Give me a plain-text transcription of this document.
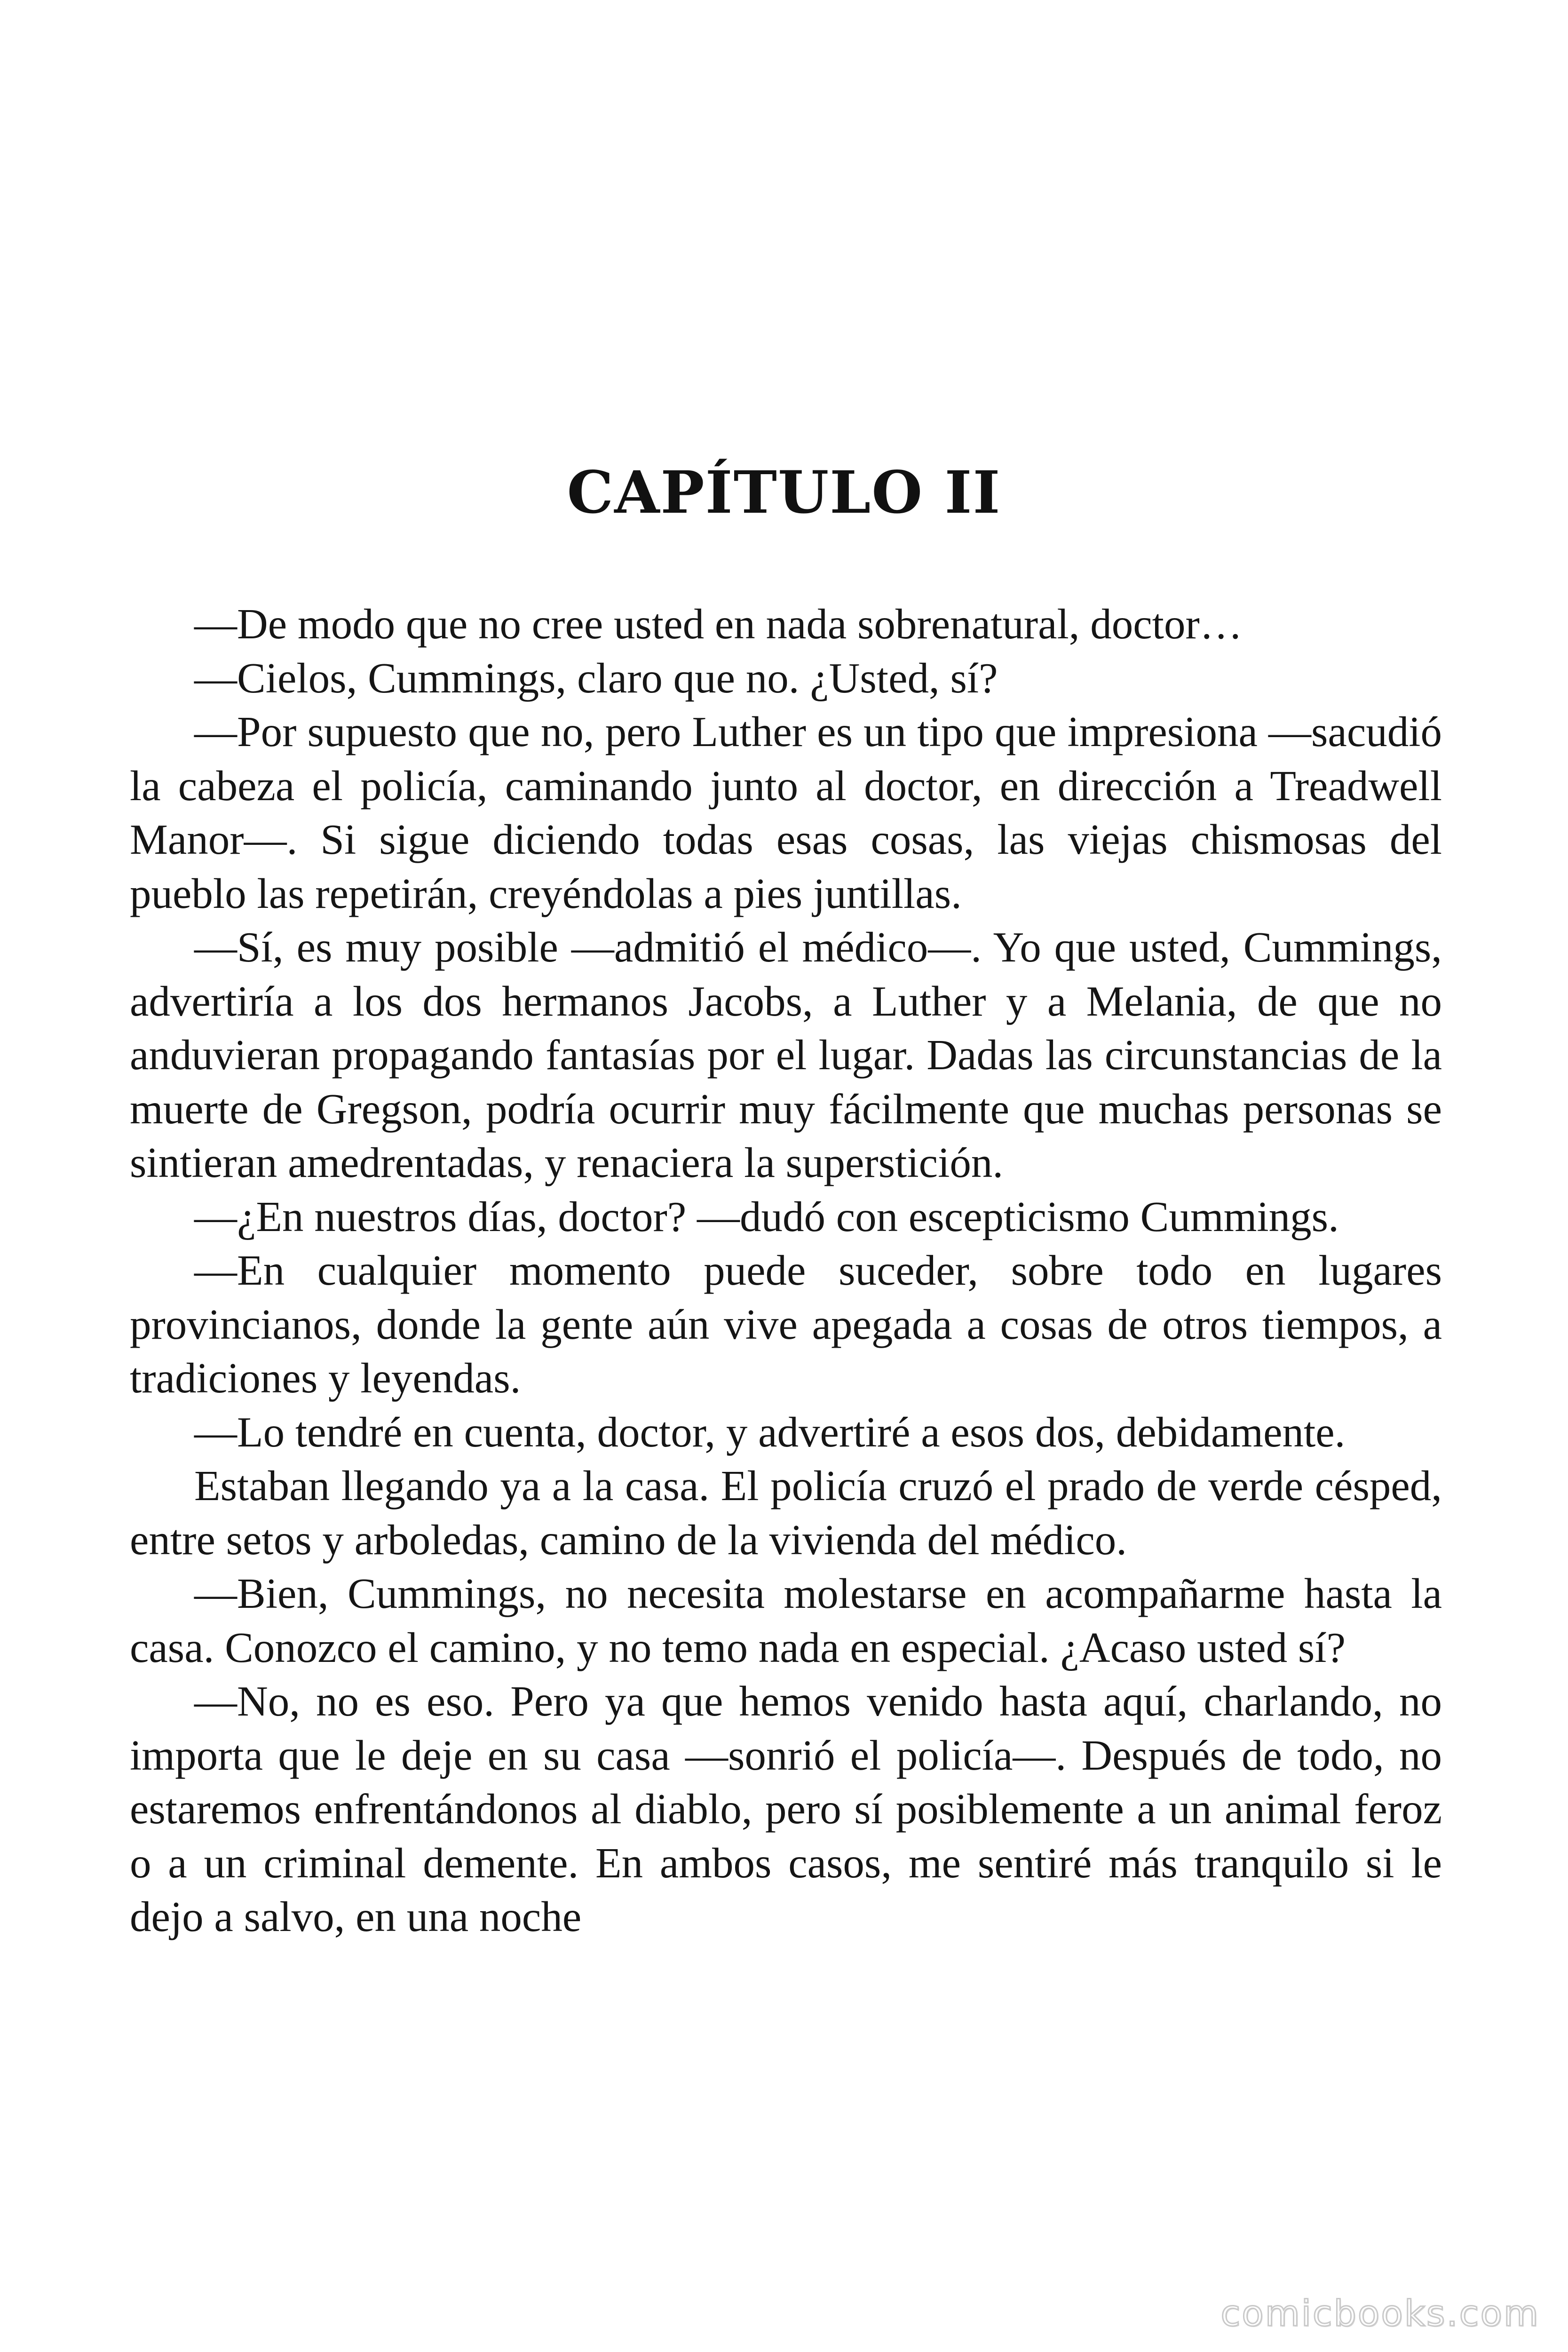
CAPÍTULO II

—De modo que no cree usted en nada sobrenatural, doctor…

—Cielos, Cummings, claro que no. ¿Usted, sí?

—Por supuesto que no, pero Luther es un tipo que impresiona —sacudió la cabeza el policía, caminando junto al doctor, en dirección a Treadwell Manor—. Si sigue diciendo todas esas cosas, las viejas chismosas del pueblo las repetirán, creyéndolas a pies juntillas.

—Sí, es muy posible —admitió el médico—. Yo que usted, Cummings, advertiría a los dos hermanos Jacobs, a Luther y a Melania, de que no anduvieran propagando fantasías por el lugar. Dadas las circunstancias de la muerte de Gregson, podría ocurrir muy fácilmente que muchas personas se sintieran amedrentadas, y renaciera la superstición.

—¿En nuestros días, doctor? —dudó con escepticismo Cummings.

—En cualquier momento puede suceder, sobre todo en lugares provincianos, donde la gente aún vive apegada a cosas de otros tiempos, a tradiciones y leyendas.

—Lo tendré en cuenta, doctor, y advertiré a esos dos, debidamente.

Estaban llegando ya a la casa. El policía cruzó el prado de verde césped, entre setos y arboledas, camino de la vivienda del médico.

—Bien, Cummings, no necesita molestarse en acompañarme hasta la casa. Conozco el camino, y no temo nada en especial. ¿Acaso usted sí?

—No, no es eso. Pero ya que hemos venido hasta aquí, charlando, no importa que le deje en su casa —sonrió el policía—. Después de todo, no estaremos enfrentándonos al diablo, pero sí posiblemente a un animal feroz o a un criminal demente. En ambos casos, me sentiré más tranquilo si le dejo a salvo, en una noche

comicbooks.com
